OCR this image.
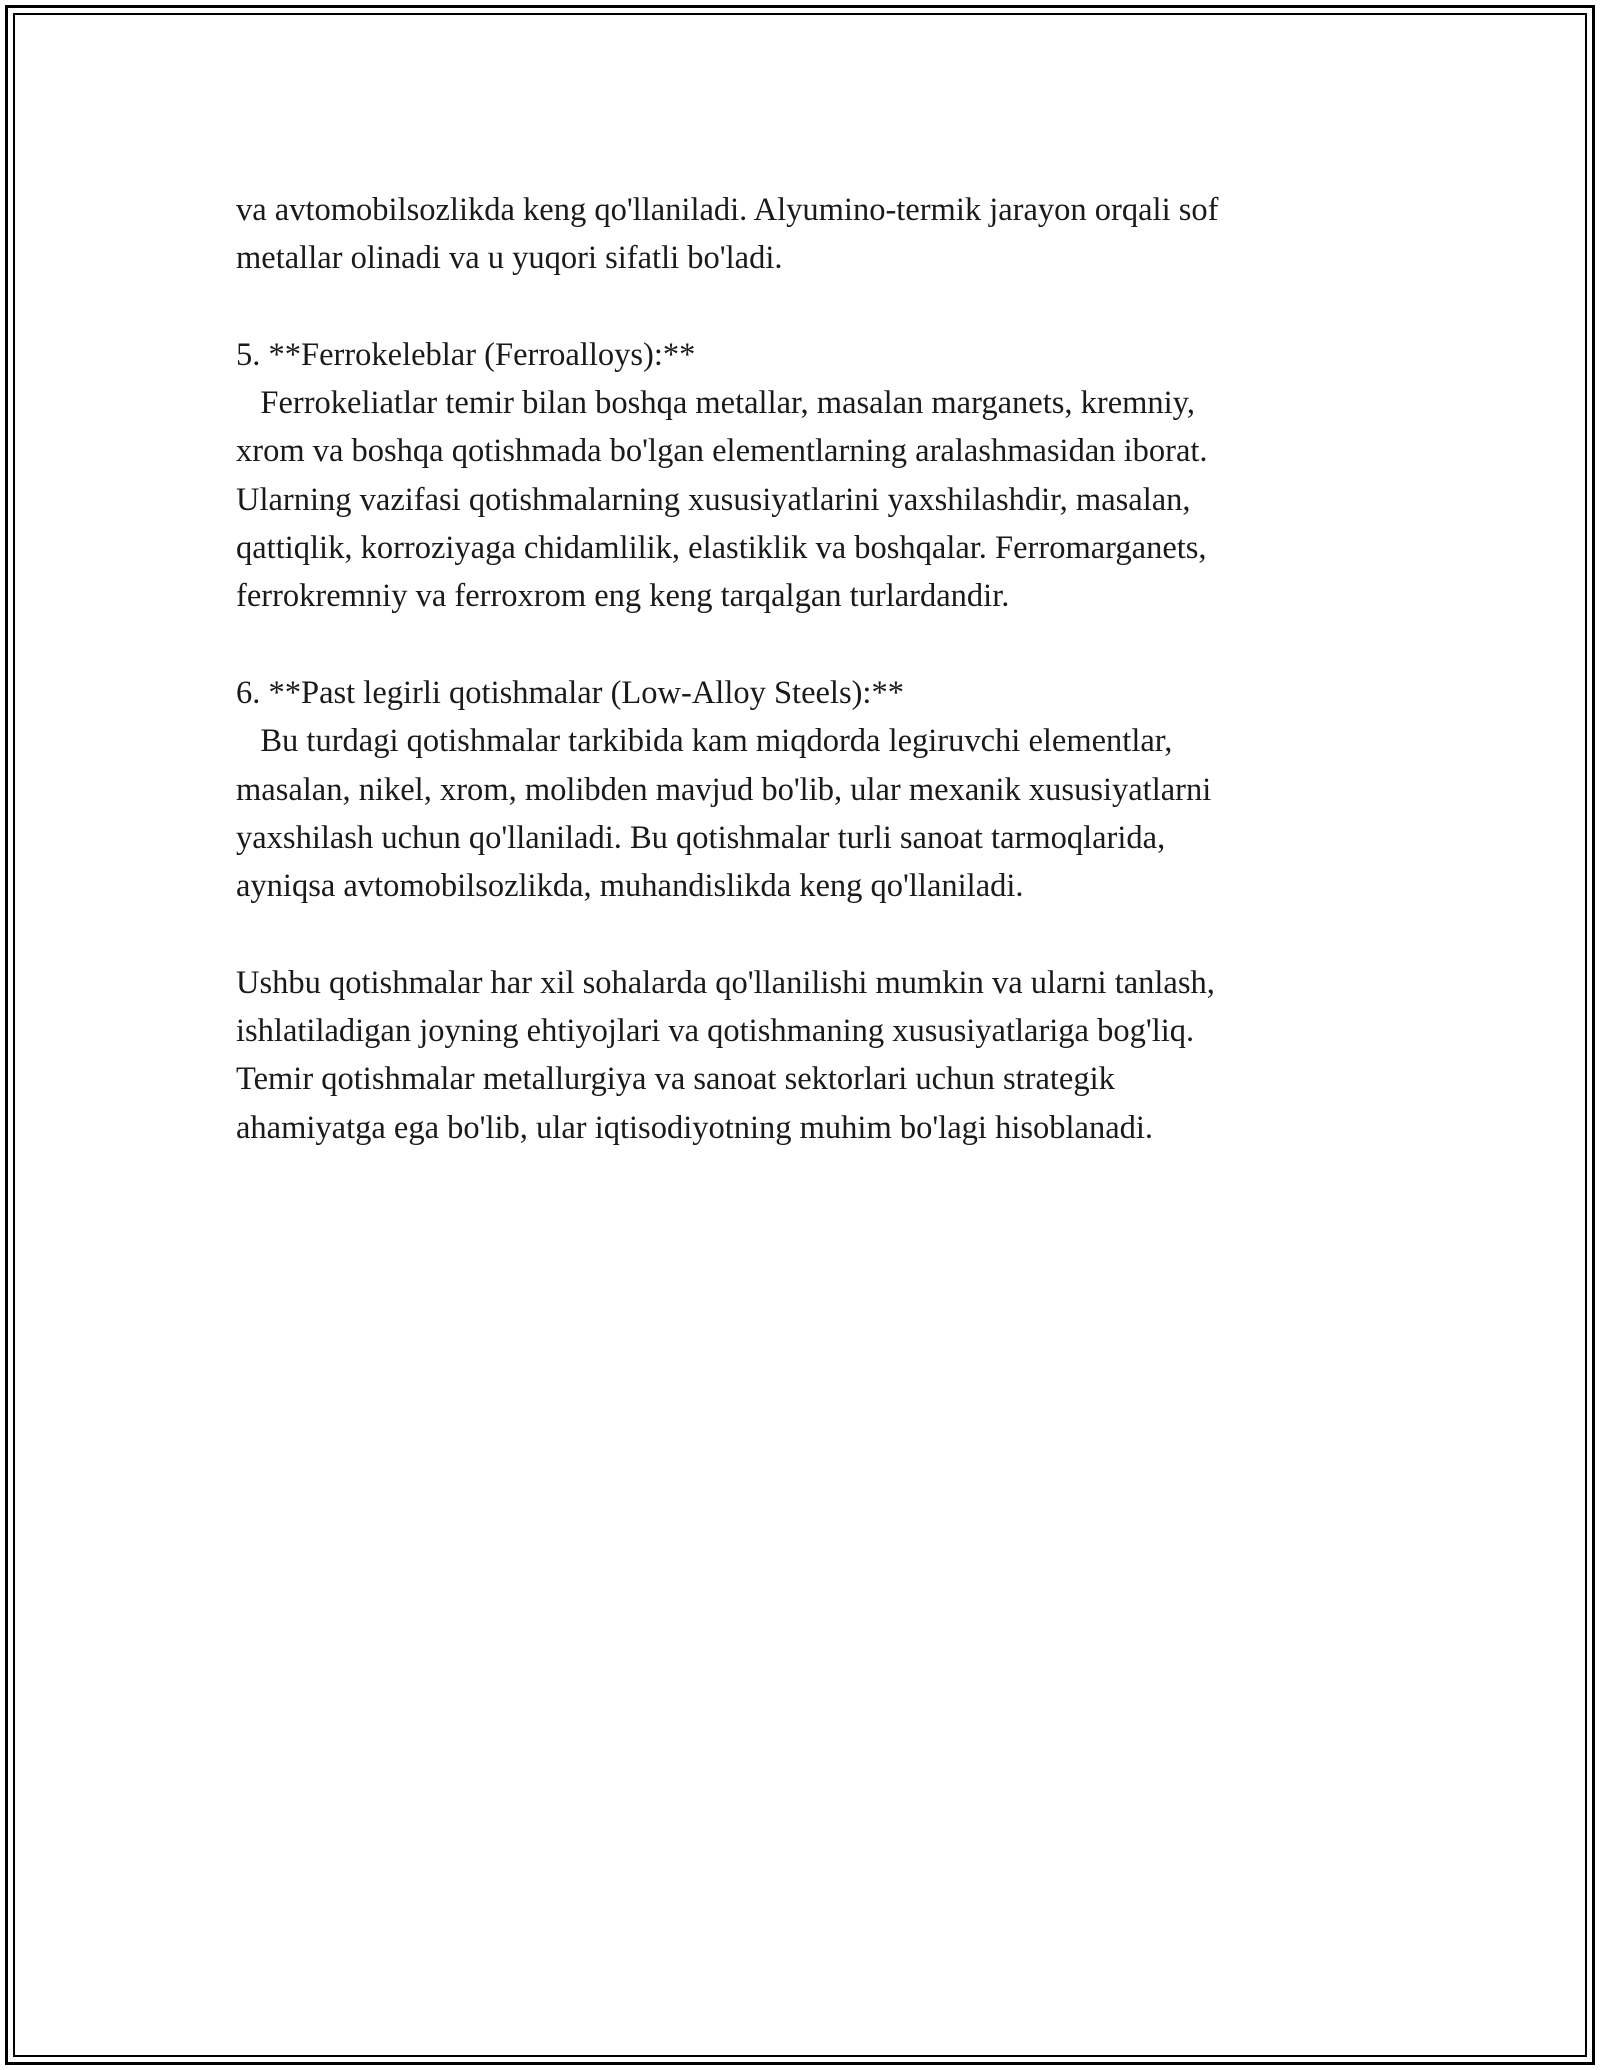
va avtomobilsozlikda keng qo'llaniladi. Alyumino-termik jarayon orqali sof
metallar olinadi va u yuqori sifatli bo'ladi.

5. **Ferrokeleblar (Ferroalloys):**
Ferrokeliatlar temir bilan boshqa metallar, masalan marganets, kremniy,
xrom va boshqa qotishmada bo'lgan elementlarning aralashmasidan iborat.
Ularning vazifasi qotishmalarning xususiyatlarini yaxshilashdir, masalan,
qattiqlik, korroziyaga chidamlilik, elastiklik va boshqalar. Ferromarganets,
ferrokremniy va ferroxrom eng keng tarqalgan turlardandir.

6. **Past legirli qotishmalar (Low-Alloy Steels):**
Bu turdagi qotishmalar tarkibida kam miqdorda legiruvchi elementlar,
masalan, nikel, xrom, molibden mavjud bo'lib, ular mexanik xususiyatlarni
yaxshilash uchun qo'llaniladi. Bu qotishmalar turli sanoat tarmoqlarida,
ayniqsa avtomobilsozlikda, muhandislikda keng qo'llaniladi.

Ushbu qotishmalar har xil sohalarda qo'llanilishi mumkin va ularni tanlash,
ishlatiladigan joyning ehtiyojlari va qotishmaning xususiyatlariga bog'liq.
Temir qotishmalar metallurgiya va sanoat sektorlari uchun strategik
ahamiyatga ega bo'lib, ular iqtisodiyotning muhim bo'lagi hisoblanadi.
